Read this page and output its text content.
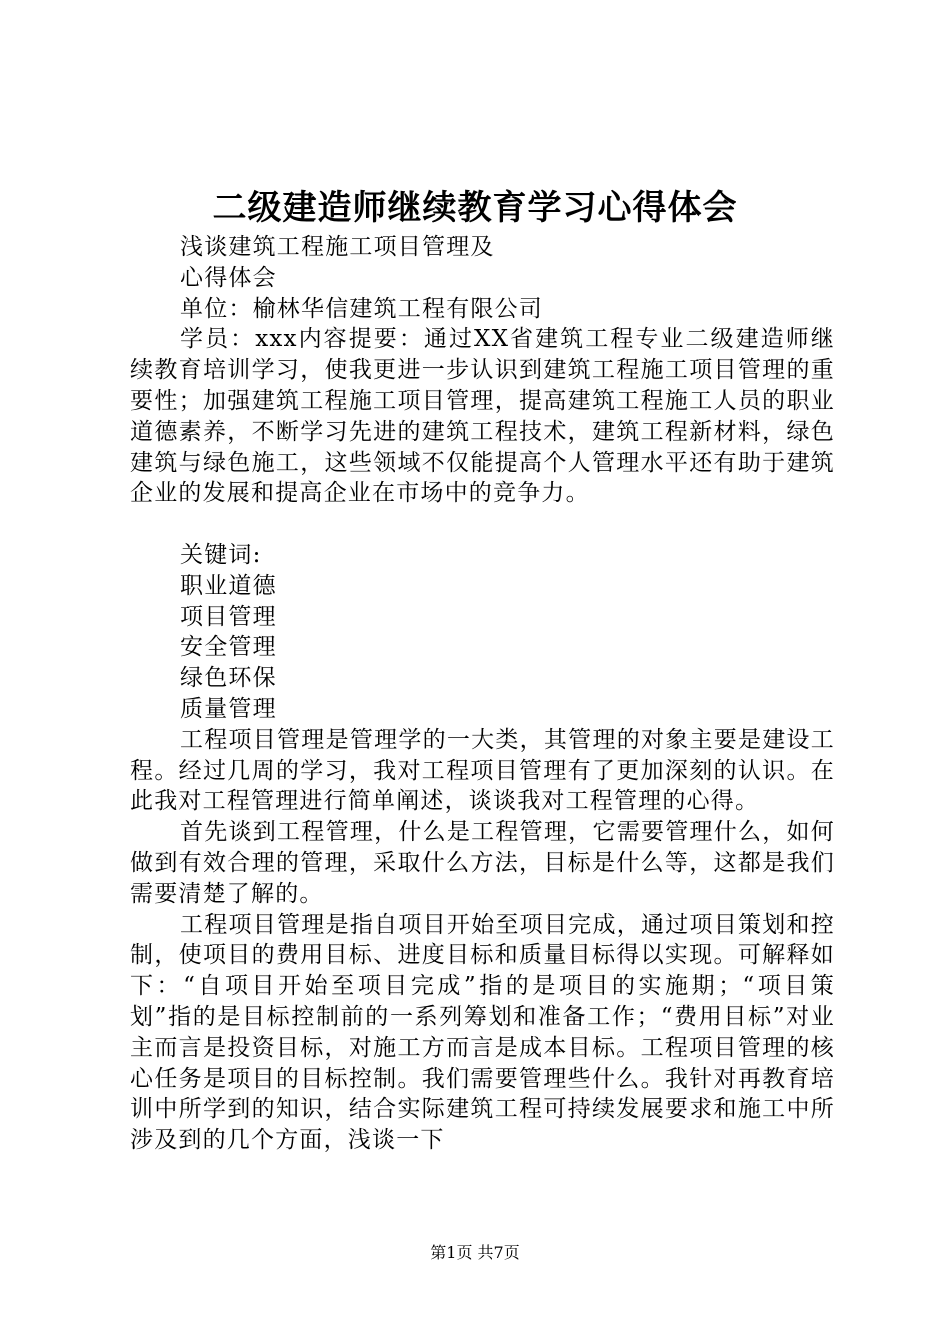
二级建造师继续教育学习心得体会
浅谈建筑工程施工项目管理及
心得体会
单位：榆林华信建筑工程有限公司

学员：xxx内容提要：通过XX省建筑工程专业二级建造师继续教育培训学习，使我更进一步认识到建筑工程施工项目管理的重要性；加强建筑工程施工项目管理，提高建筑工程施工人员的职业道德素养，不断学习先进的建筑工程技术，建筑工程新材料，绿色建筑与绿色施工，这些领域不仅能提高个人管理水平还有助于建筑企业的发展和提高企业在市场中的竞争力。

关键词:
职业道德
项目管理
安全管理
绿色环保
质量管理

工程项目管理是管理学的一大类，其管理的对象主要是建设工程。经过几周的学习，我对工程项目管理有了更加深刻的认识。在此我对工程管理进行简单阐述，谈谈我对工程管理的心得。

首先谈到工程管理，什么是工程管理，它需要管理什么，如何做到有效合理的管理，采取什么方法，目标是什么等，这都是我们需要清楚了解的。

工程项目管理是指自项目开始至项目完成，通过项目策划和控制，使项目的费用目标、进度目标和质量目标得以实现。可解释如下：“自项目开始至项目完成”指的是项目的实施期；“项目策划”指的是目标控制前的一系列筹划和准备工作；“费用目标”对业主而言是投资目标，对施工方而言是成本目标。工程项目管理的核心任务是项目的目标控制。我们需要管理些什么。我针对再教育培训中所学到的知识，结合实际建筑工程可持续发展要求和施工中所涉及到的几个方面，浅谈一下

第1页 共7页
